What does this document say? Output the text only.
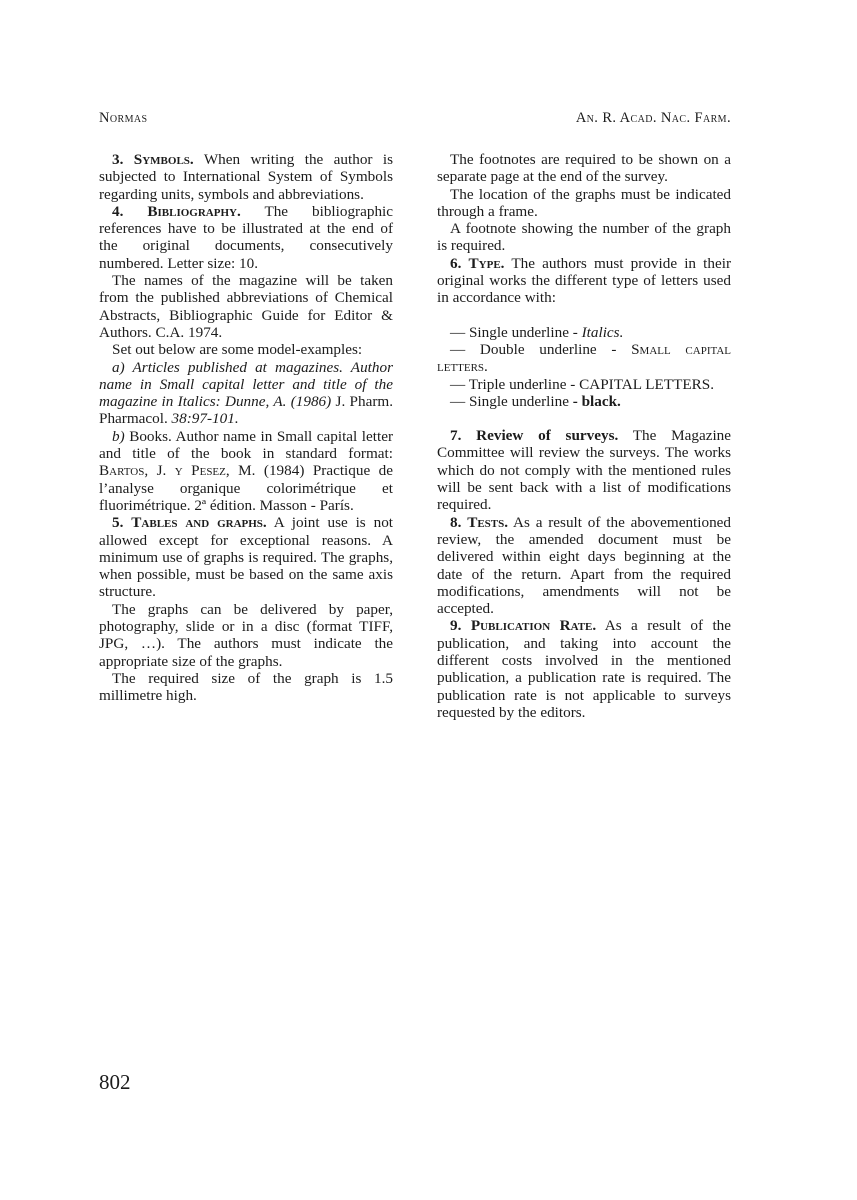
Normas	An. R. Acad. Nac. Farm.

3. Symbols. When writing the author is subjected to International System of Symbols regarding units, symbols and abbreviations.

4. Bibliography. The bibliographic references have to be illustrated at the end of the original documents, consecutively numbered. Letter size: 10.

The names of the magazine will be taken from the published abbreviations of Chemical Abstracts, Bibliographic Guide for Editor & Authors. C.A. 1974.

Set out below are some model-examples:

a) Articles published at magazines. Author name in Small capital letter and title of the magazine in Italics: Dunne, A. (1986) J. Pharm. Pharmacol. 38:97-101.

b) Books. Author name in Small capital letter and title of the book in standard format: Bartos, J. y Pesez, M. (1984) Practique de l’analyse organique colorimétrique et fluorimétrique. 2ª édition. Masson - París.

5. Tables and graphs. A joint use is not allowed except for exceptional reasons. A minimum use of graphs is required. The graphs, when possible, must be based on the same axis structure.

The graphs can be delivered by paper, photography, slide or in a disc (format TIFF, JPG, …). The authors must indicate the appropriate size of the graphs.

The required size of the graph is 1.5 millimetre high.

The footnotes are required to be shown on a separate page at the end of the survey.

The location of the graphs must be indicated through a frame.

A footnote showing the number of the graph is required.

6. Type. The authors must provide in their original works the different type of letters used in accordance with:

— Single underline - Italics.

— Double underline - Small capital letters.

— Triple underline - CAPITAL LETTERS.

— Single underline - black.

7. Review of surveys. The Magazine Committee will review the surveys. The works which do not comply with the mentioned rules will be sent back with a list of modifications required.

8. Tests. As a result of the abovementioned review, the amended document must be delivered within eight days beginning at the date of the return. Apart from the required modifications, amendments will not be accepted.

9. Publication Rate. As a result of the publication, and taking into account the different costs involved in the mentioned publication, a publication rate is required. The publication rate is not applicable to surveys requested by the editors.

802
